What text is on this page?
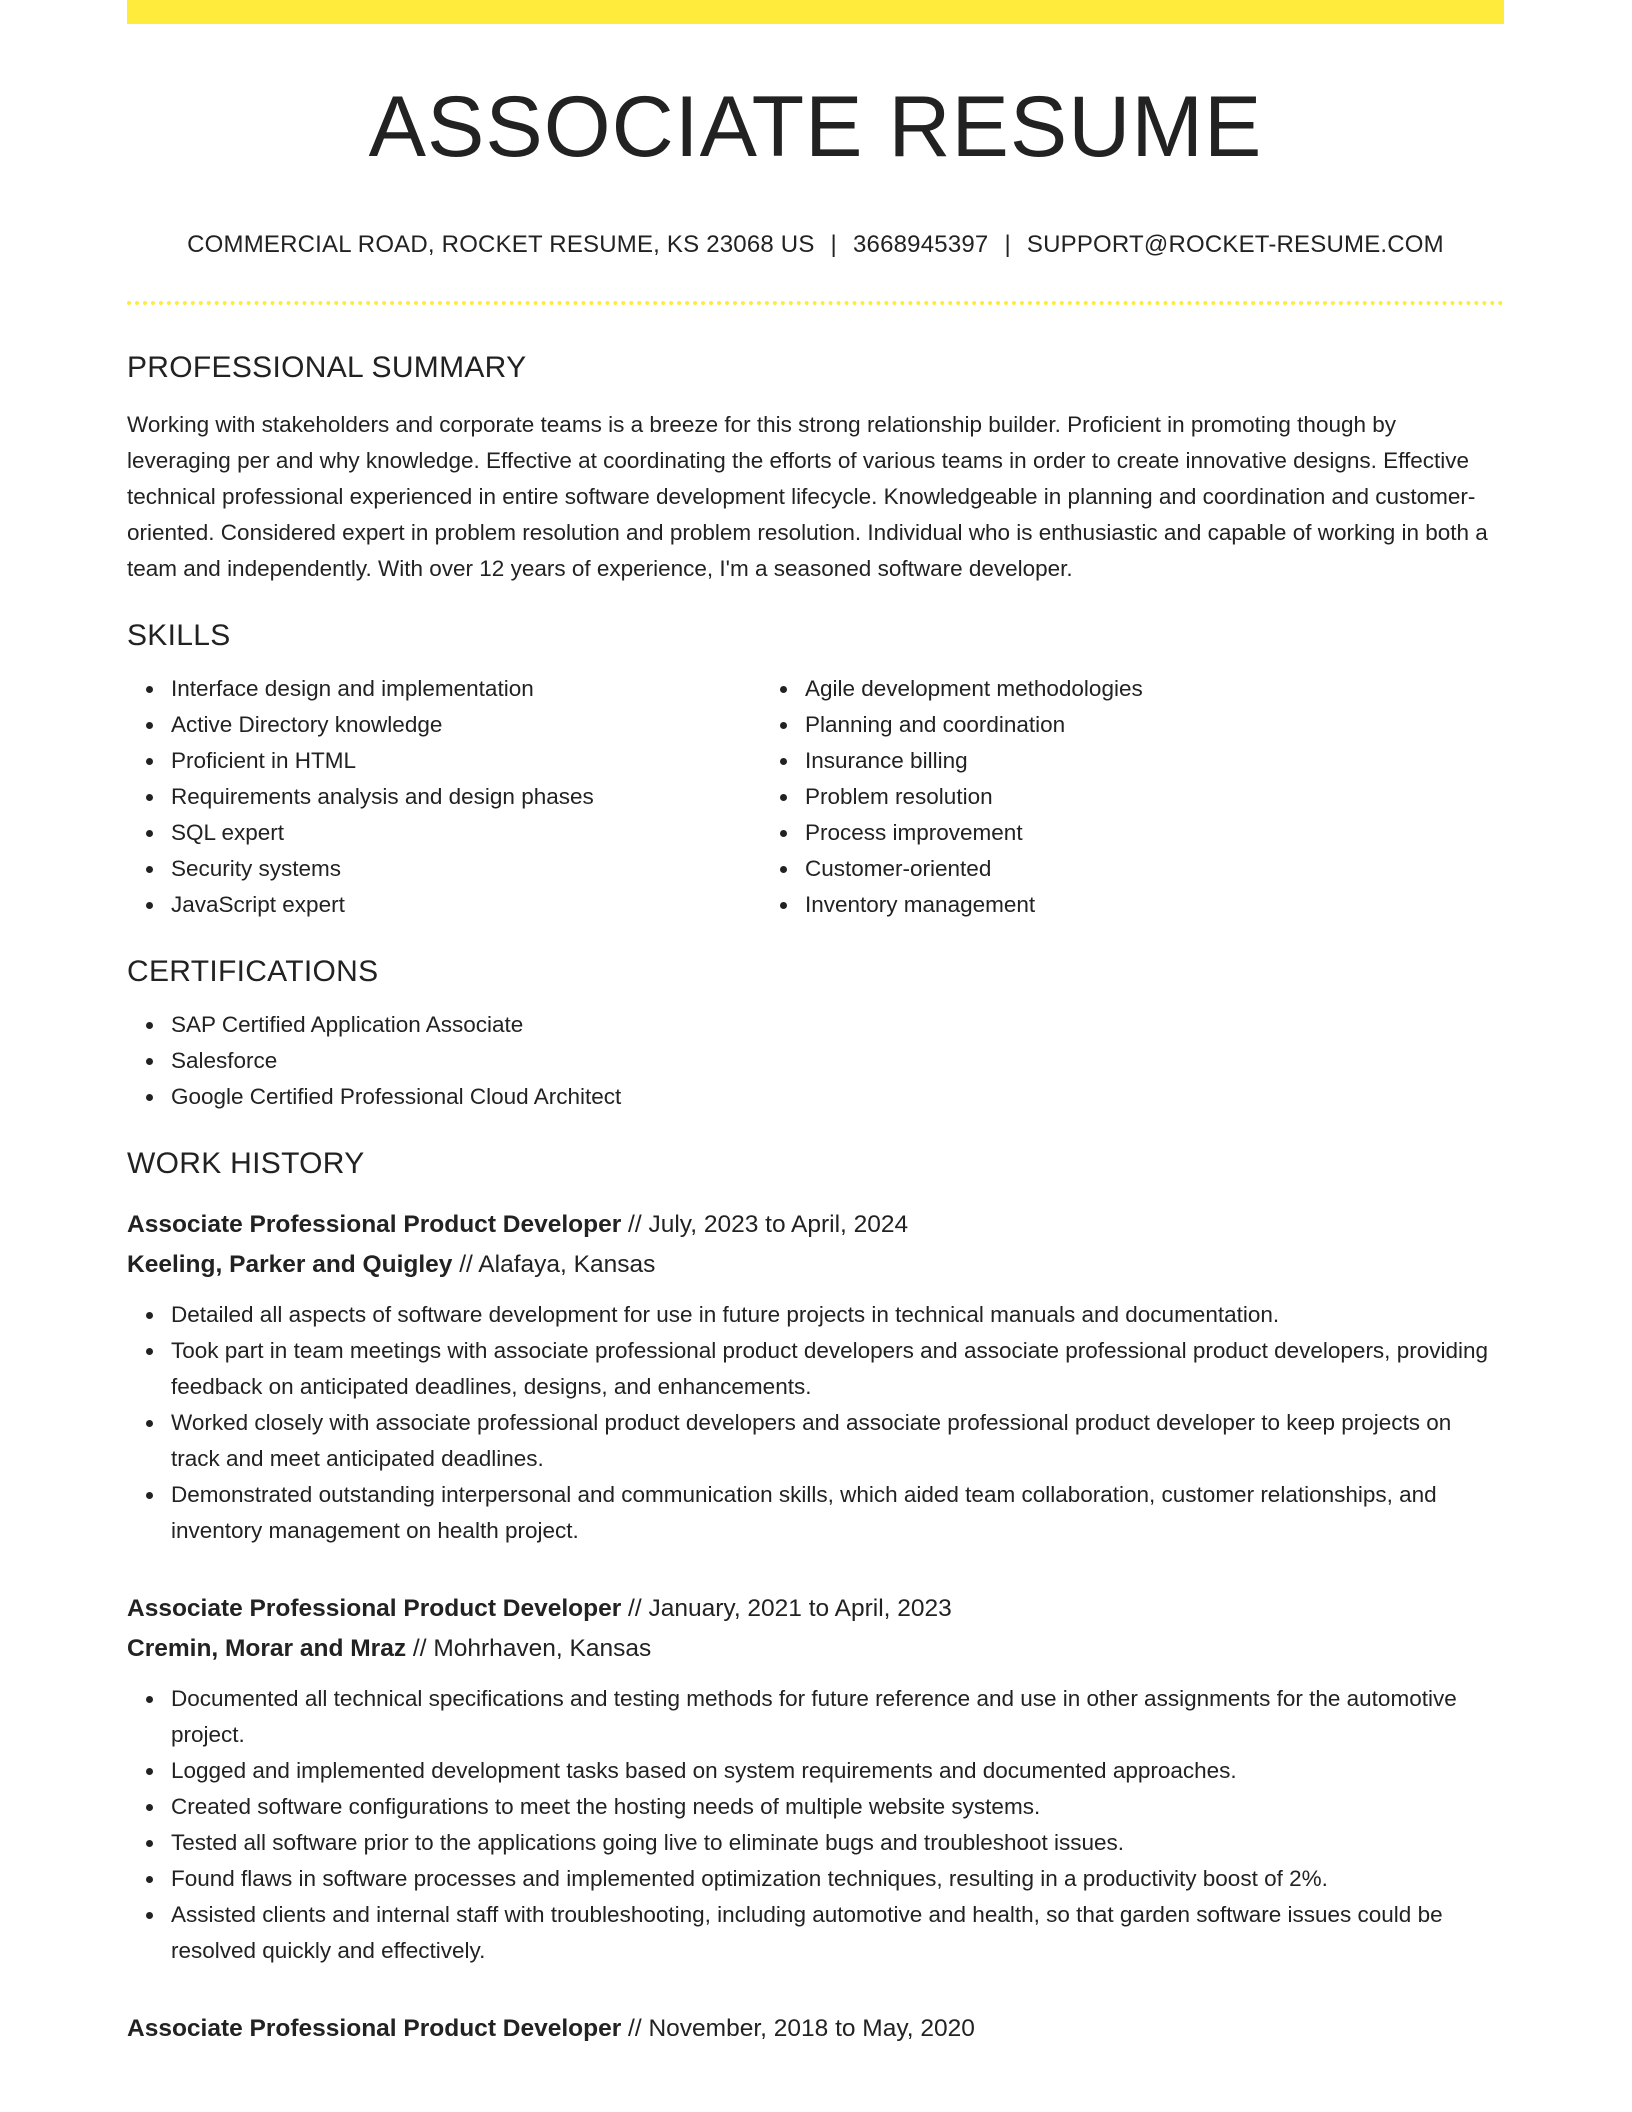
ASSOCIATE RESUME
COMMERCIAL ROAD, ROCKET RESUME, KS 23068 US | 3668945397 | SUPPORT@ROCKET-RESUME.COM
PROFESSIONAL SUMMARY

Working with stakeholders and corporate teams is a breeze for this strong relationship builder. Proficient in promoting though by leveraging per and why knowledge. Effective at coordinating the efforts of various teams in order to create innovative designs. Effective technical professional experienced in entire software development lifecycle. Knowledgeable in planning and coordination and customer-oriented. Considered expert in problem resolution and problem resolution. Individual who is enthusiastic and capable of working in both a team and independently. With over 12 years of experience, I'm a seasoned software developer.

SKILLS
Interface design and implementation
Active Directory knowledge
Proficient in HTML
Requirements analysis and design phases
SQL expert
Security systems
JavaScript expert
Agile development methodologies
Planning and coordination
Insurance billing
Problem resolution
Process improvement
Customer-oriented
Inventory management
CERTIFICATIONS
SAP Certified Application Associate
Salesforce
Google Certified Professional Cloud Architect
WORK HISTORY
Associate Professional Product Developer // July, 2023 to April, 2024
Keeling, Parker and Quigley // Alafaya, Kansas
Detailed all aspects of software development for use in future projects in technical manuals and documentation.
Took part in team meetings with associate professional product developers and associate professional product developers, providing feedback on anticipated deadlines, designs, and enhancements.
Worked closely with associate professional product developers and associate professional product developer to keep projects on track and meet anticipated deadlines.
Demonstrated outstanding interpersonal and communication skills, which aided team collaboration, customer relationships, and inventory management on health project.
Associate Professional Product Developer // January, 2021 to April, 2023
Cremin, Morar and Mraz // Mohrhaven, Kansas
Documented all technical specifications and testing methods for future reference and use in other assignments for the automotive project.
Logged and implemented development tasks based on system requirements and documented approaches.
Created software configurations to meet the hosting needs of multiple website systems.
Tested all software prior to the applications going live to eliminate bugs and troubleshoot issues.
Found flaws in software processes and implemented optimization techniques, resulting in a productivity boost of 2%.
Assisted clients and internal staff with troubleshooting, including automotive and health, so that garden software issues could be resolved quickly and effectively.
Associate Professional Product Developer // November, 2018 to May, 2020
